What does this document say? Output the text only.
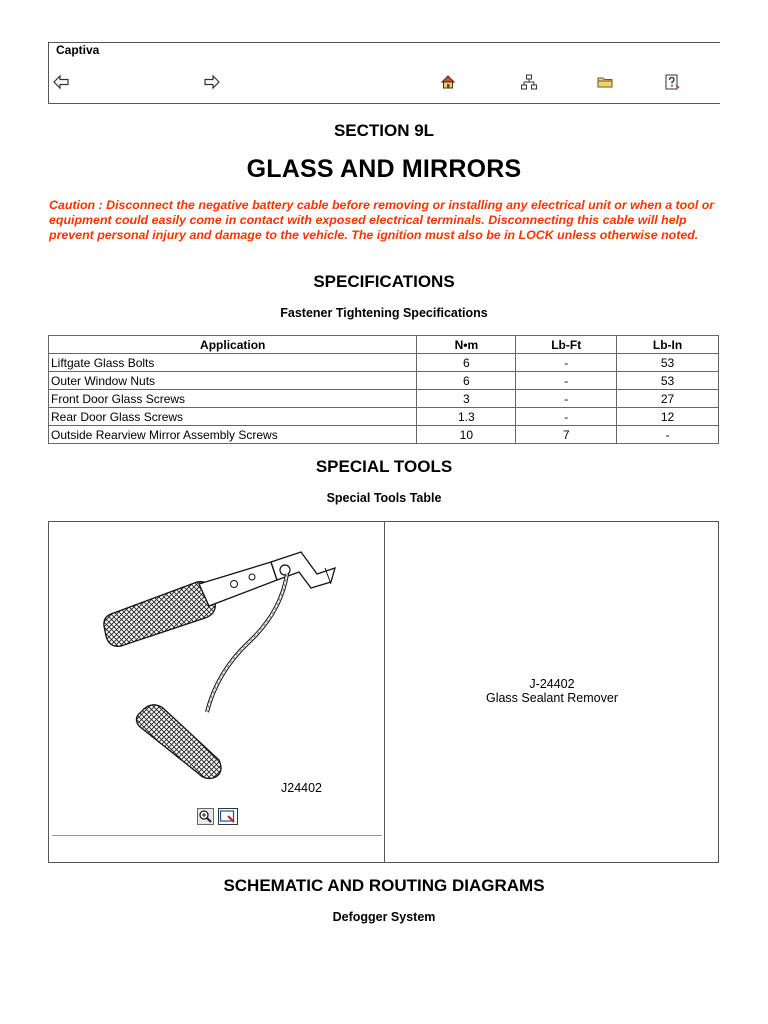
Captiva
SECTION 9L
GLASS AND MIRRORS
Caution : Disconnect the negative battery cable before removing or installing any electrical unit or when a tool or equipment could easily come in contact with exposed electrical terminals. Disconnecting this cable will help prevent personal injury and damage to the vehicle. The ignition must also be in LOCK unless otherwise noted.
SPECIFICATIONS
Fastener Tightening Specifications
Application	N•m	Lb-Ft	Lb-In
Liftgate Glass Bolts	6	-	53
Outer Window Nuts	6	-	53
Front Door Glass Screws	3	-	27
Rear Door Glass Screws	1.3	-	12
Outside Rearview Mirror Assembly Screws	10	7	-
SPECIAL TOOLS
Special Tools Table
J24402

J-24402
Glass Sealant Remover
SCHEMATIC AND ROUTING DIAGRAMS
Defogger System
